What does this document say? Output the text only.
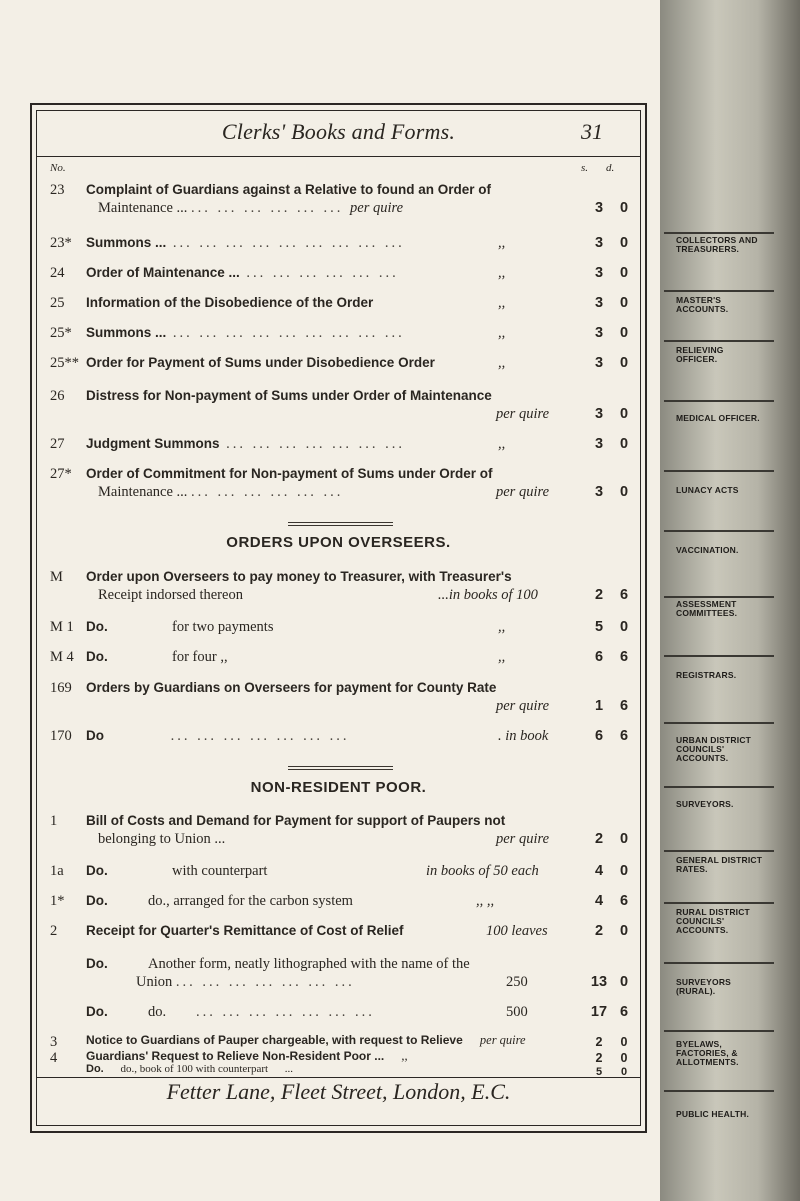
Clerks' Books and Forms.	31
No.	s. d.
23	Complaint of Guardians against a Relative to found an Order of
Maintenance ... ... ... ... ... ... ... per quire	3	0
23*	Summons ... ... ... ... ... ... ... ... ... ...	,,	3	0
24	Order of Maintenance ... ... ... ... ... ... ...	,,	3	0
25	Information of the Disobedience of the Order	,,	3	0
25*	Summons ... ... ... ... ... ... ... ... ... ...	,,	3	0
25** Order for Payment of Sums under Disobedience Order	,,	3	0
26	Distress for Non-payment of Sums under Order of Maintenance

per quire	3	0
27	Judgment Summons ... ... ... ... ... ... ...	,,	3	0
27*	Order of Commitment for Non-payment of Sums under Order of
Maintenance ... ... ... ... ... ... ...	per quire	3	0
ORDERS UPON OVERSEERS.
M	Order upon Overseers to pay money to Treasurer, with Treasurer's
Receipt indorsed thereon	...in books of 100	2	6
M 1 Do.	for two payments	,,	5	0
M 4 Do.	for four ,,	,,	6	6
169	Orders by Guardians on Overseers for payment for County Rate

per quire	1	6
170	Do	... ... ... ... ... ... ...	. in book	6	6
NON-RESIDENT POOR.
1	Bill of Costs and Demand for Payment for support of Paupers not
belonging to Union ...	per quire	2	0
1a	Do.	with counterpart	in books of 50 each	4	0
1*	Do.	do., arranged for the carbon system	,, ,,	4	6
2	Receipt for Quarter's Remittance of Cost of Relief	100 leaves	2	0
Do.	Another form, neatly lithographed with the name of the

Union ... ... ... ... ... ... ...	250	13 0
Do.	do. ... ... ... ... ... ... ...	500	17 6
3	Notice to Guardians of Pauper chargeable, with request to Relieve per quire	2	0
4	Guardians' Request to Relieve Non-Resident Poor ... ,,	2	0
Do. do., book of 100 with counterpart ...	5	0
Fetter Lane, Fleet Street, London, E.C.
COLLECTORS AND TREASURERS.
MASTER'S ACCOUNTS.
RELIEVING OFFICER.
MEDICAL OFFICER.
LUNACY ACTS
VACCINATION.
ASSESSMENT COMMITTEES.
REGISTRARS.
URBAN DISTRICT COUNCILS' ACCOUNTS.
SURVEYORS.
GENERAL DISTRICT RATES.
RURAL DISTRICT COUNCILS' ACCOUNTS.
SURVEYORS (RURAL).
BYELAWS, FACTORIES, & ALLOTMENTS.
PUBLIC HEALTH.
